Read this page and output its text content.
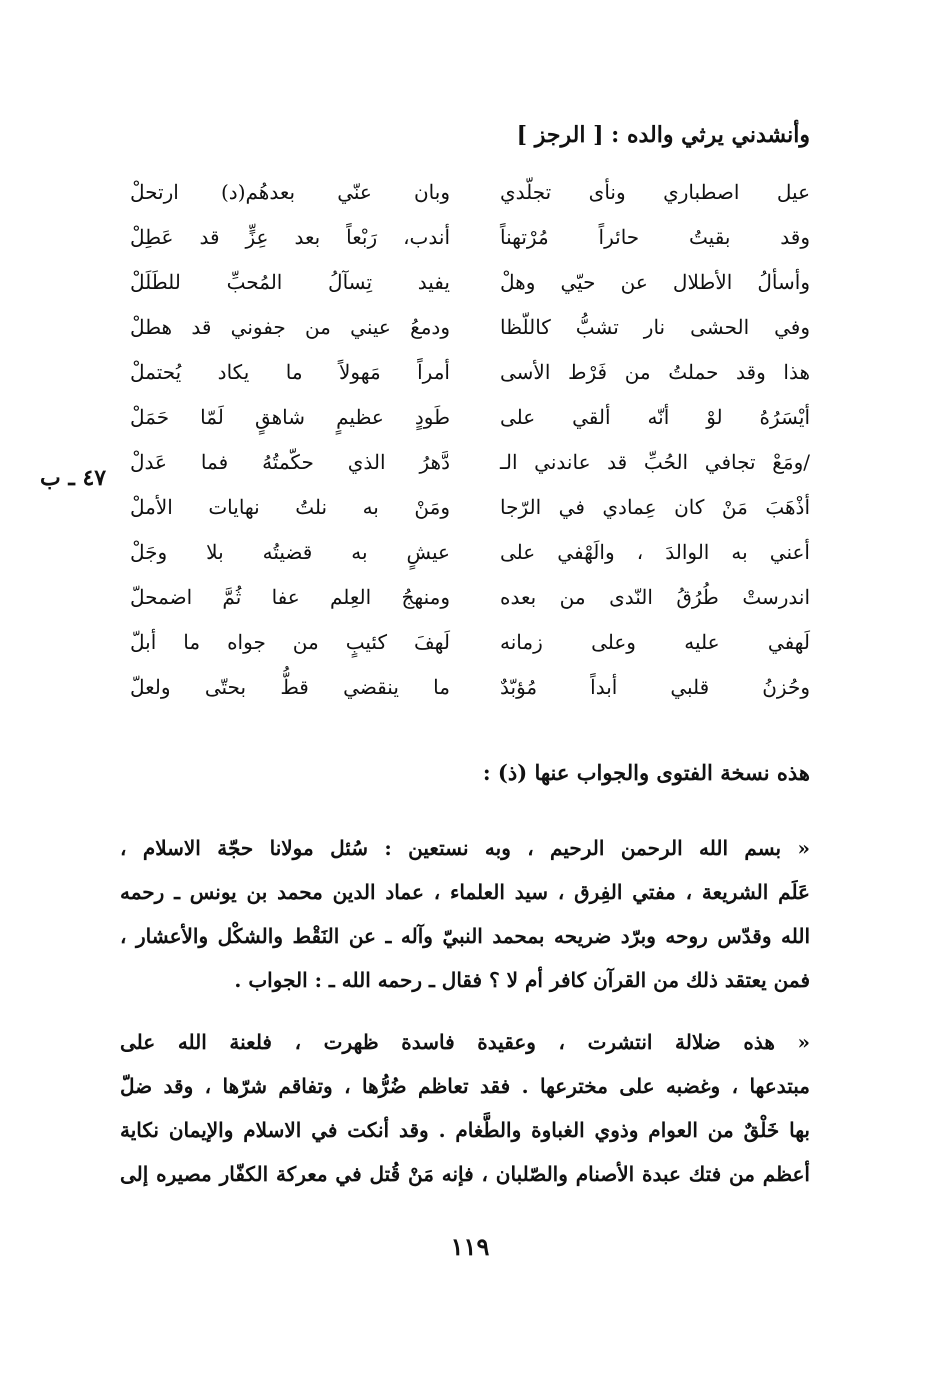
وأنشدني يرثي والده : [ الرجز ]
عيل اصطباري ونأى تجلّدي
وبان عنّي بعدهُم(د) ارتحلْ
وقد بقيتُ حائراً مُرْتهناً
أندب، رَبْعاً بعد عِزٍّ قد عَطِلْ
وأسألُ الأطلال عن حيّي وهلْ
يفيد تِسآلُ المُحبِّ للطَلَلْ
وفي الحشى نار تشبُّ كاللّظا
ودمعُ عيني من جفوني قد هطلْ
هذا وقد حملتُ من فَرْط الأسى
أمراً مَهولاً ما يكاد يُحتملْ
أيْسَرُهُ لوْ أنّه ألقي على
طَودٍ عظيمٍ شاهقٍ لَمّا حَمَلْ
/ومَعْ تجافي الحُبِّ قد عاندني الـ
دَّهرُ الذي حكّمتُهُ فما عَدلْ
أذْهَبَ مَنْ كان عِمادي في الرّجا
ومَنْ به نلتُ نهايات الأملْ
أعني به الوالدَ ، والَهْفي على
عيشٍ به قضيتُه بلا وجَلْ
اندرستْ طُرُقُ النّدى من بعده
ومنهجُ العِلم عفا ثُمَّ اضمحلّ
لَهفي عليه وعلى زمانه
لَهفَ كئيبٍ من جواه ما أبلّ
وحُزنُ قلبي أبداً مُؤبّدٌ
ما ينقضي قطُّ بحتّى ولعلّ
٤٧ ـ ب
هذه نسخة الفتوى والجواب عنها (ذ) :
« بسم الله الرحمن الرحيم ، وبه نستعين : سُئل مولانا حجّة الاسلام ،
عَلَم الشريعة ، مفتي الفِرق ، سيد العلماء ، عماد الدين محمد بن يونس ـ رحمه
الله وقدّس روحه وبرّد ضريحه بمحمد النبيّ وآله ـ عن النَقْط والشكْل والأعشار ،
فمن يعتقد ذلك من القرآن كافر أم لا ؟ فقال ـ رحمه الله ـ : الجواب .
« هذه ضلالة انتشرت ، وعقيدة فاسدة ظهرت ، فلعنة الله على
مبتدعها ، وغضبه على مخترعها . فقد تعاظم ضُرُّها ، وتفاقم شرّها ، وقد ضلّ
بها خَلْقٌ من العوام وذوي الغباوة والطَّغام . وقد أنكت في الاسلام والإيمان نكاية
أعظم من فتك عبدة الأصنام والصّلبان ، فإنه مَنْ قُتل في معركة الكفّار مصيره إلى
١١٩
